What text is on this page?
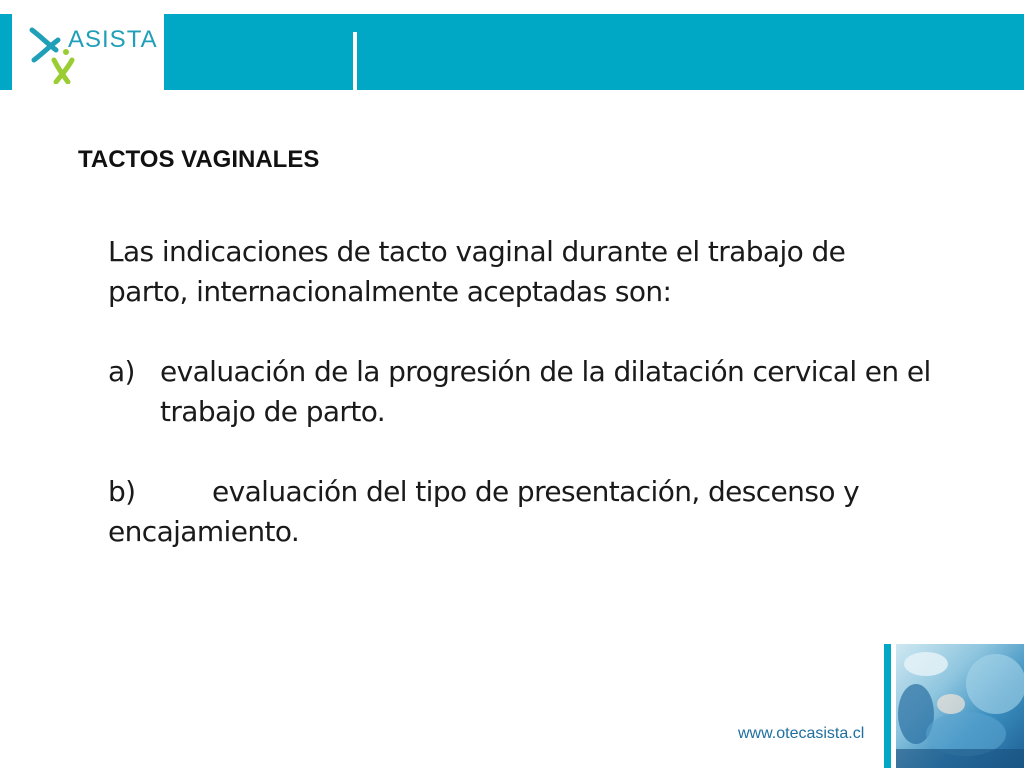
ASISTA
TACTOS VAGINALES

Las indicaciones de tacto vaginal durante el trabajo de

parto, internacionalmente aceptadas son:

a) evaluación de la progresión de la dilatación cervical en el trabajo de parto.

b)	evaluación del tipo de presentación, descenso y

encajamiento.

www.otecasista.cl
